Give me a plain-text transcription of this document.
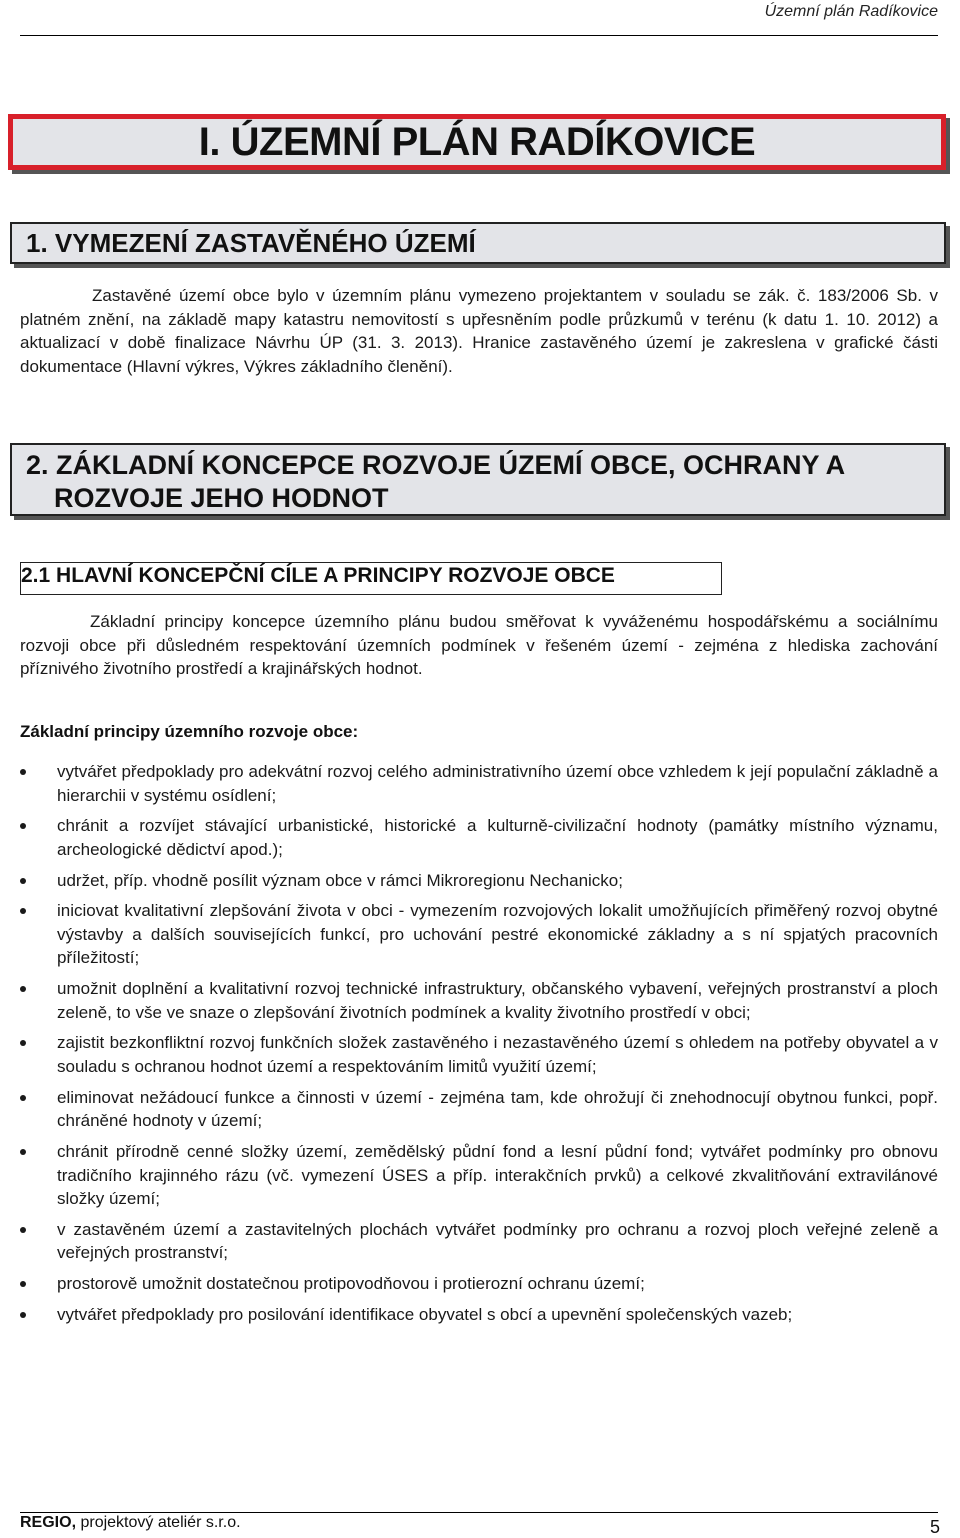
Územní plán Radíkovice
I. ÚZEMNÍ PLÁN RADÍKOVICE
1. VYMEZENÍ ZASTAVĚNÉHO ÚZEMÍ
Zastavěné území obce bylo v územním plánu vymezeno projektantem v souladu se zák. č. 183/2006 Sb. v platném znění, na základě mapy katastru nemovitostí s upřesněním podle průzkumů v terénu (k datu 1. 10. 2012) a aktualizací v době finalizace Návrhu ÚP (31. 3. 2013). Hranice zastavěného území je zakreslena v grafické části dokumentace (Hlavní výkres, Výkres základního členění).
2. ZÁKLADNÍ KONCEPCE ROZVOJE ÚZEMÍ OBCE, OCHRANY A ROZVOJE JEHO HODNOT
2.1 HLAVNÍ KONCEPČNÍ CÍLE A PRINCIPY ROZVOJE OBCE
Základní principy koncepce územního plánu budou směřovat k vyváženému hospodářskému a sociálnímu rozvoji obce při důsledném respektování územních podmínek v řešeném území - zejména z hlediska zachování příznivého životního prostředí a krajinářských hodnot.
Základní principy územního rozvoje obce:
vytvářet předpoklady pro adekvátní rozvoj celého administrativního území obce vzhledem k její populační základně a hierarchii v systému osídlení;
chránit a rozvíjet stávající urbanistické, historické a kulturně-civilizační hodnoty (památky místního významu, archeologické dědictví apod.);
udržet, příp. vhodně posílit význam obce v rámci Mikroregionu Nechanicko;
iniciovat kvalitativní zlepšování života v obci - vymezením rozvojových lokalit umožňujících přiměřený rozvoj obytné výstavby a dalších souvisejících funkcí, pro uchování pestré ekonomické základny a s ní spjatých pracovních příležitostí;
umožnit doplnění a kvalitativní rozvoj technické infrastruktury, občanského vybavení, veřejných prostranství a ploch zeleně, to vše ve snaze o zlepšování životních podmínek a kvality životního prostředí v obci;
zajistit bezkonfliktní rozvoj funkčních složek zastavěného i nezastavěného území s ohledem na potřeby obyvatel a v souladu s ochranou hodnot území a respektováním limitů využití území;
eliminovat nežádoucí funkce a činnosti v území - zejména tam, kde ohrožují či znehodnocují obytnou funkci, popř. chráněné hodnoty v území;
chránit přírodně cenné složky území, zemědělský půdní fond a lesní půdní fond; vytvářet podmínky pro obnovu tradičního krajinného rázu (vč. vymezení ÚSES a příp. interakčních prvků) a celkové zkvalitňování extravilánové složky území;
v zastavěném území a zastavitelných plochách vytvářet podmínky pro ochranu a rozvoj ploch veřejné zeleně a veřejných prostranství;
prostorově umožnit dostatečnou protipovodňovou i protierozní ochranu území;
vytvářet předpoklady pro posilování identifikace obyvatel s obcí a upevnění společenských vazeb;
REGIO, projektový ateliér s.r.o.	5
